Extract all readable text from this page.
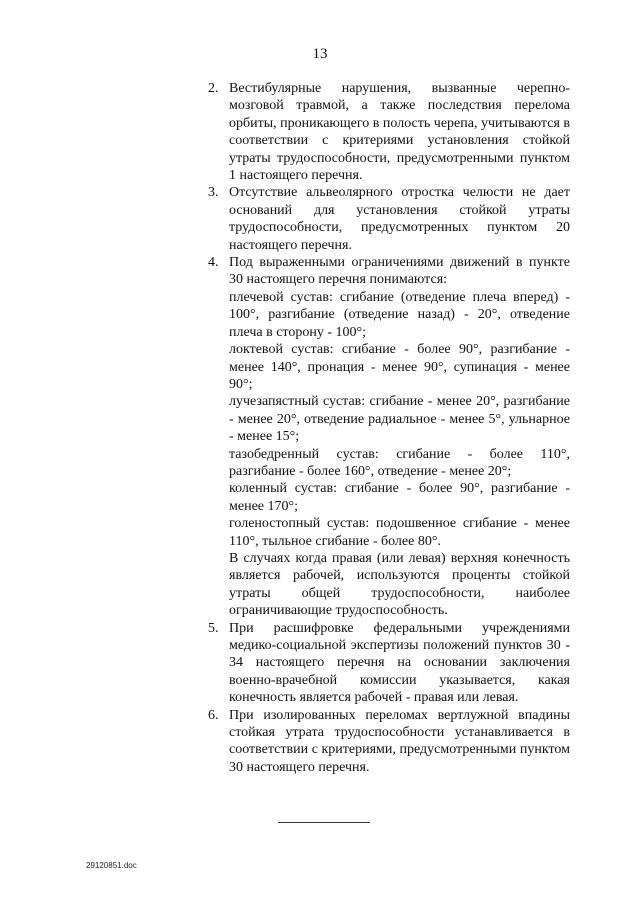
13
2. Вестибулярные нарушения, вызванные черепно-мозговой травмой, а также последствия перелома орбиты, проникающего в полость черепа, учитываются в соответствии с критериями установления стойкой утраты трудоспособности, предусмотренными пунктом 1 настоящего перечня.

3. Отсутствие альвеолярного отростка челюсти не дает оснований для установления стойкой утраты трудоспособности, предусмотренных пунктом 20 настоящего перечня.

4. Под выраженными ограничениями движений в пункте 30 настоящего перечня понимаются:

плечевой сустав: сгибание (отведение плеча вперед) - 100°, разгибание (отведение назад) - 20°, отведение плеча в сторону - 100°;

локтевой сустав: сгибание - более 90°, разгибание - менее 140°, пронация - менее 90°, супинация - менее 90°;

лучезапястный сустав: сгибание - менее 20°, разгибание - менее 20°, отведение радиальное - менее 5°, ульнарное - менее 15°;

тазобедренный сустав: сгибание - более 110°, разгибание - более 160°, отведение - менее 20°;

коленный сустав: сгибание - более 90°, разгибание - менее 170°;

голеностопный сустав: подошвенное сгибание - менее 110°, тыльное сгибание - более 80°.

В случаях когда правая (или левая) верхняя конечность является рабочей, используются проценты стойкой утраты общей трудоспособности, наиболее ограничивающие трудоспособность.

5. При расшифровке федеральными учреждениями медико-социальной экспертизы положений пунктов 30 - 34 настоящего перечня на основании заключения военно-врачебной комиссии указывается, какая конечность является рабочей - правая или левая.

6. При изолированных переломах вертлужной впадины стойкая утрата трудоспособности устанавливается в соответствии с критериями, предусмотренными пунктом 30 настоящего перечня.

29120851.doc
